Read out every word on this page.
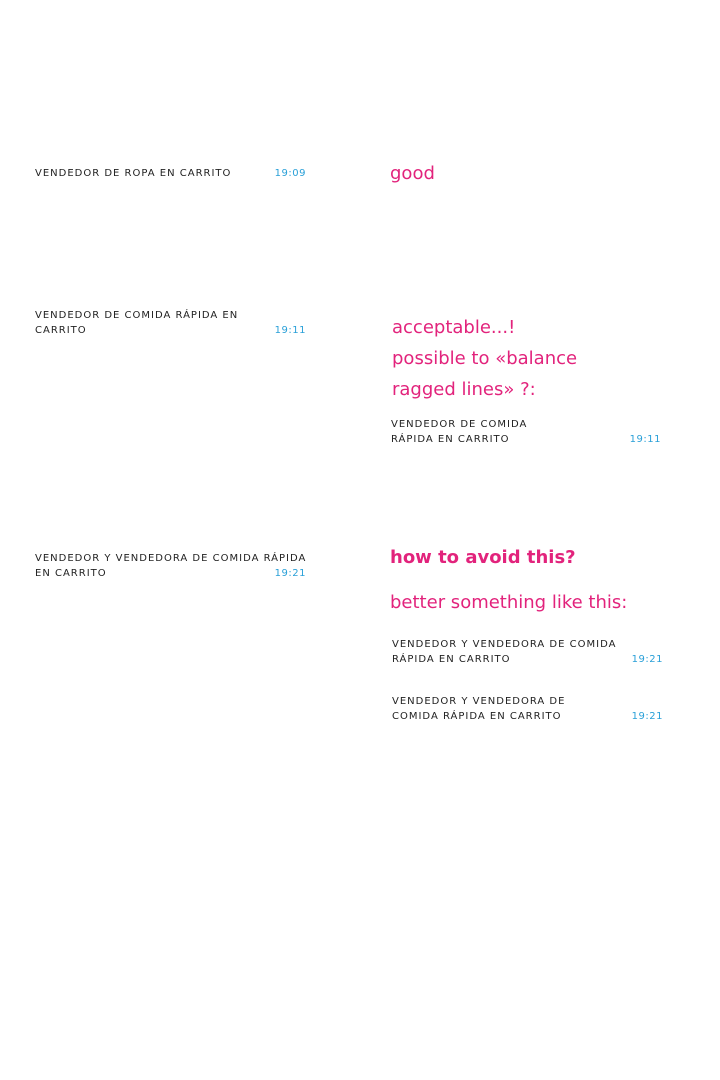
VENDEDOR DE ROPA EN CARRITO	19:09
VENDEDOR DE COMIDA RÁPIDA EN
CARRITO	19:11
VENDEDOR Y VENDEDORA DE COMIDA RÁPIDA
EN CARRITO	19:21
good
acceptable...!
possible to «balance
ragged lines» ?:
VENDEDOR DE COMIDA
RÁPIDA EN CARRITO	19:11
how to avoid this?
better something like this:
VENDEDOR Y VENDEDORA DE COMIDA
RÁPIDA EN CARRITO	19:21
VENDEDOR Y VENDEDORA DE
COMIDA RÁPIDA EN CARRITO	19:21
